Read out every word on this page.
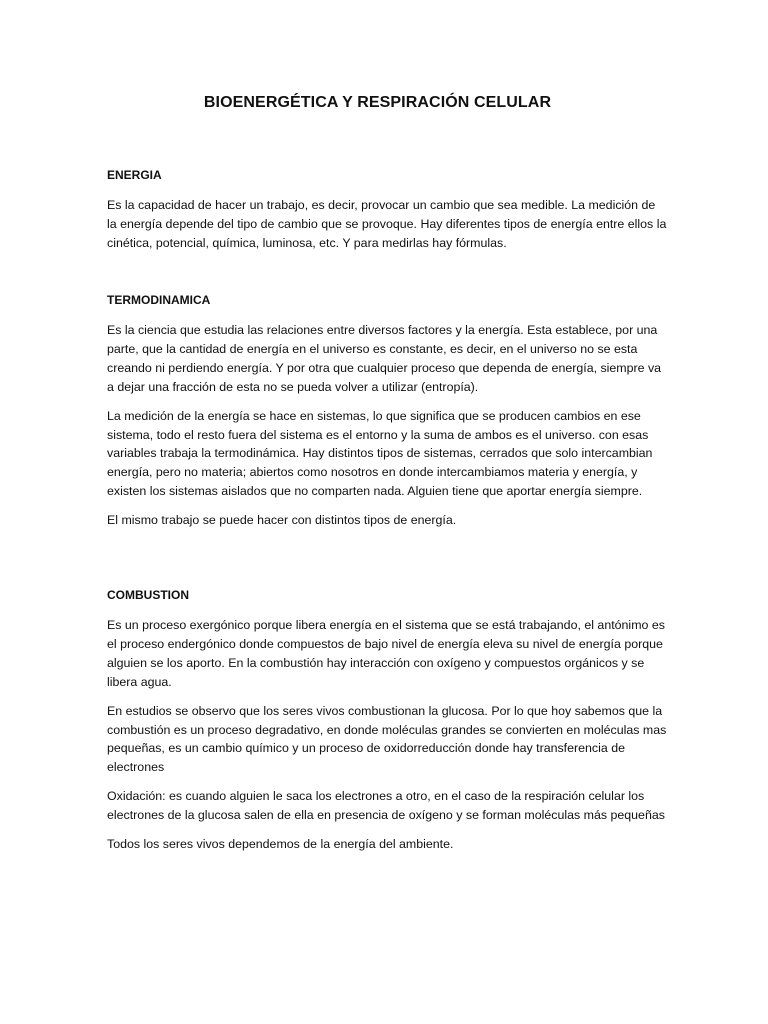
BIOENERGÉTICA Y RESPIRACIÓN CELULAR
ENERGIA

Es la capacidad de hacer un trabajo, es decir, provocar un cambio que sea medible. La medición de la energía depende del tipo de cambio que se provoque. Hay diferentes tipos de energía entre ellos la cinética, potencial, química, luminosa, etc. Y para medirlas hay fórmulas.

TERMODINAMICA

Es la ciencia que estudia las relaciones entre diversos factores y la energía. Esta establece, por una parte, que la cantidad de energía en el universo es constante, es decir, en el universo no se esta creando ni perdiendo energía. Y por otra que cualquier proceso que dependa de energía, siempre va a dejar una fracción de esta no se pueda volver a utilizar (entropía).

La medición de la energía se hace en sistemas, lo que significa que se producen cambios en ese sistema, todo el resto fuera del sistema es el entorno y la suma de ambos es el universo. con esas variables trabaja la termodinámica. Hay distintos tipos de sistemas, cerrados que solo intercambian energía, pero no materia; abiertos como nosotros en donde intercambiamos materia y energía, y existen los sistemas aislados que no comparten nada. Alguien tiene que aportar energía siempre.

El mismo trabajo se puede hacer con distintos tipos de energía.

COMBUSTION

Es un proceso exergónico porque libera energía en el sistema que se está trabajando, el antónimo es el proceso endergónico donde compuestos de bajo nivel de energía eleva su nivel de energía porque alguien se los aporto. En la combustión hay interacción con oxígeno y compuestos orgánicos y se libera agua.

En estudios se observo que los seres vivos combustionan la glucosa. Por lo que hoy sabemos que la combustión es un proceso degradativo, en donde moléculas grandes se convierten en moléculas mas pequeñas, es un cambio químico y un proceso de oxidorreducción donde hay transferencia de electrones

Oxidación: es cuando alguien le saca los electrones a otro, en el caso de la respiración celular los electrones de la glucosa salen de ella en presencia de oxígeno y se forman moléculas más pequeñas

Todos los seres vivos dependemos de la energía del ambiente.
